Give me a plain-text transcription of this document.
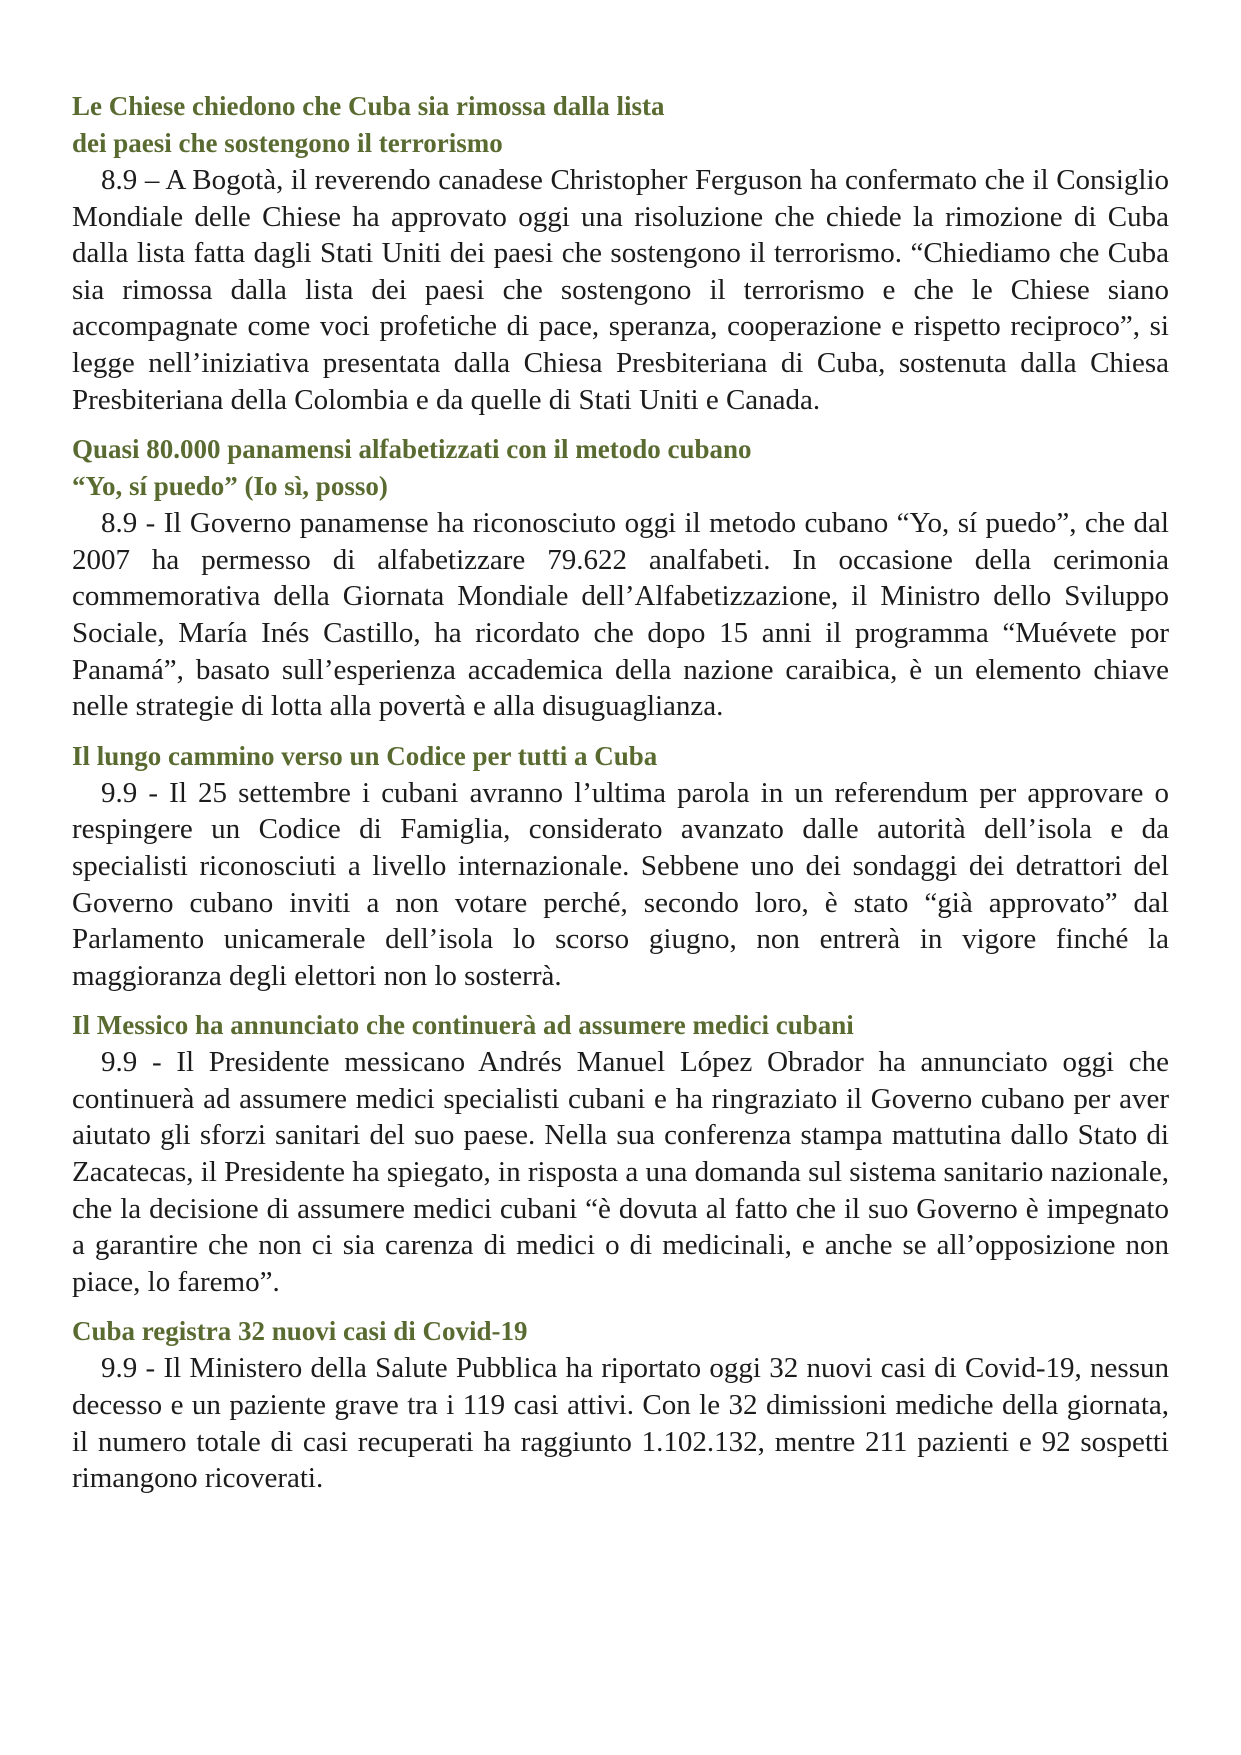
Le Chiese chiedono che Cuba sia rimossa dalla lista
dei paesi che sostengono il terrorismo

8.9 – A Bogotà, il reverendo canadese Christopher Ferguson ha confermato che il Consiglio Mondiale delle Chiese ha approvato oggi una risoluzione che chiede la rimozione di Cuba dalla lista fatta dagli Stati Uniti dei paesi che sostengono il terrorismo. “Chiediamo che Cuba sia rimossa dalla lista dei paesi che sostengono il terrorismo e che le Chiese siano accompagnate come voci profetiche di pace, speranza, cooperazione e rispetto reciproco”, si legge nell’iniziativa presentata dalla Chiesa Presbiteriana di Cuba, sostenuta dalla Chiesa Presbiteriana della Colombia e da quelle di Stati Uniti e Canada.

Quasi 80.000 panamensi alfabetizzati con il metodo cubano
“Yo, sí puedo” (Io sì, posso)

8.9 - Il Governo panamense ha riconosciuto oggi il metodo cubano “Yo, sí puedo”, che dal 2007 ha permesso di alfabetizzare 79.622 analfabeti. In occasione della cerimonia commemorativa della Giornata Mondiale dell’Alfabetizzazione, il Ministro dello Sviluppo Sociale, María Inés Castillo, ha ricordato che dopo 15 anni il programma “Muévete por Panamá”, basato sull’esperienza accademica della nazione caraibica, è un elemento chiave nelle strategie di lotta alla povertà e alla disuguaglianza.

Il lungo cammino verso un Codice per tutti a Cuba

9.9 - Il 25 settembre i cubani avranno l’ultima parola in un referendum per approvare o respingere un Codice di Famiglia, considerato avanzato dalle autorità dell’isola e da specialisti riconosciuti a livello internazionale. Sebbene uno dei sondaggi dei detrattori del Governo cubano inviti a non votare perché, secondo loro, è stato “già approvato” dal Parlamento unicamerale dell’isola lo scorso giugno, non entrerà in vigore finché la maggioranza degli elettori non lo sosterrà.

Il Messico ha annunciato che continuerà ad assumere medici cubani

9.9 - Il Presidente messicano Andrés Manuel López Obrador ha annunciato oggi che continuerà ad assumere medici specialisti cubani e ha ringraziato il Governo cubano per aver aiutato gli sforzi sanitari del suo paese. Nella sua conferenza stampa mattutina dallo Stato di Zacatecas, il Presidente ha spiegato, in risposta a una domanda sul sistema sanitario nazionale, che la decisione di assumere medici cubani “è dovuta al fatto che il suo Governo è impegnato a garantire che non ci sia carenza di medici o di medicinali, e anche se all’opposizione non piace, lo faremo”.

Cuba registra 32 nuovi casi di Covid-19

9.9 - Il Ministero della Salute Pubblica ha riportato oggi 32 nuovi casi di Covid-19, nessun decesso e un paziente grave tra i 119 casi attivi. Con le 32 dimissioni mediche della giornata, il numero totale di casi recuperati ha raggiunto 1.102.132, mentre 211 pazienti e 92 sospetti rimangono ricoverati.
